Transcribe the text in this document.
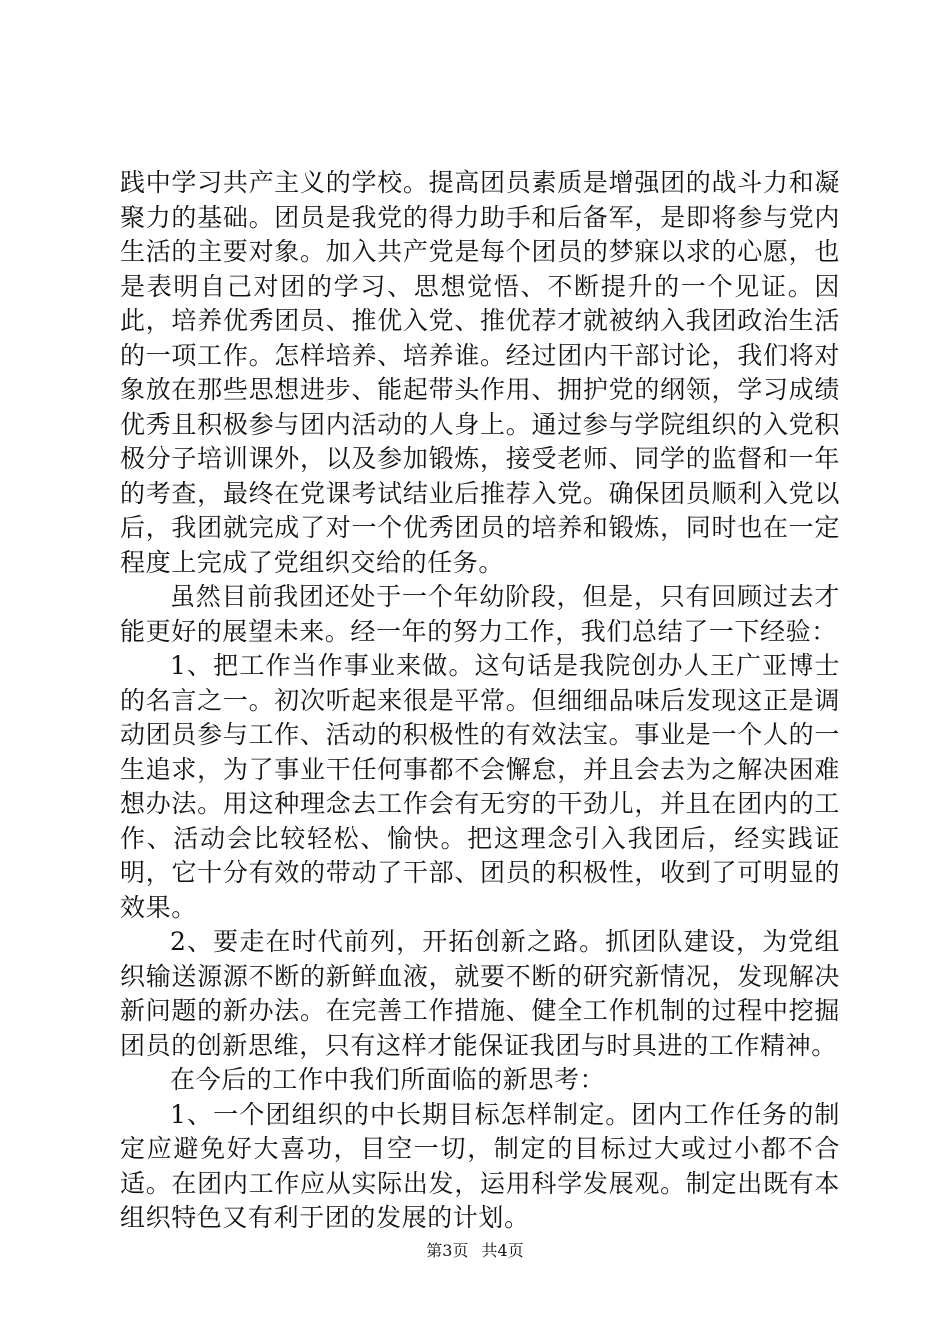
践中学习共产主义的学校。提高团员素质是增强团的战斗力和凝聚力的基础。团员是我党的得力助手和后备军，是即将参与党内生活的主要对象。加入共产党是每个团员的梦寐以求的心愿，也是表明自己对团的学习、思想觉悟、不断提升的一个见证。因此，培养优秀团员、推优入党、推优荐才就被纳入我团政治生活的一项工作。怎样培养、培养谁。经过团内干部讨论，我们将对象放在那些思想进步、能起带头作用、拥护党的纲领，学习成绩优秀且积极参与团内活动的人身上。通过参与学院组织的入党积极分子培训课外，以及参加锻炼，接受老师、同学的监督和一年的考查，最终在党课考试结业后推荐入党。确保团员顺利入党以后，我团就完成了对一个优秀团员的培养和锻炼，同时也在一定程度上完成了党组织交给的任务。

虽然目前我团还处于一个年幼阶段，但是，只有回顾过去才能更好的展望未来。经一年的努力工作，我们总结了一下经验：

1、把工作当作事业来做。这句话是我院创办人王广亚博士的名言之一。初次听起来很是平常。但细细品味后发现这正是调动团员参与工作、活动的积极性的有效法宝。事业是一个人的一生追求，为了事业干任何事都不会懈怠，并且会去为之解决困难想办法。用这种理念去工作会有无穷的干劲儿，并且在团内的工作、活动会比较轻松、愉快。把这理念引入我团后，经实践证明，它十分有效的带动了干部、团员的积极性，收到了可明显的效果。

2、要走在时代前列，开拓创新之路。抓团队建设，为党组织输送源源不断的新鲜血液，就要不断的研究新情况，发现解决新问题的新办法。在完善工作措施、健全工作机制的过程中挖掘团员的创新思维，只有这样才能保证我团与时具进的工作精神。

在今后的工作中我们所面临的新思考：

1、一个团组织的中长期目标怎样制定。团内工作任务的制定应避免好大喜功，目空一切，制定的目标过大或过小都不合适。在团内工作应从实际出发，运用科学发展观。制定出既有本组织特色又有利于团的发展的计划。

第3页 共4页
